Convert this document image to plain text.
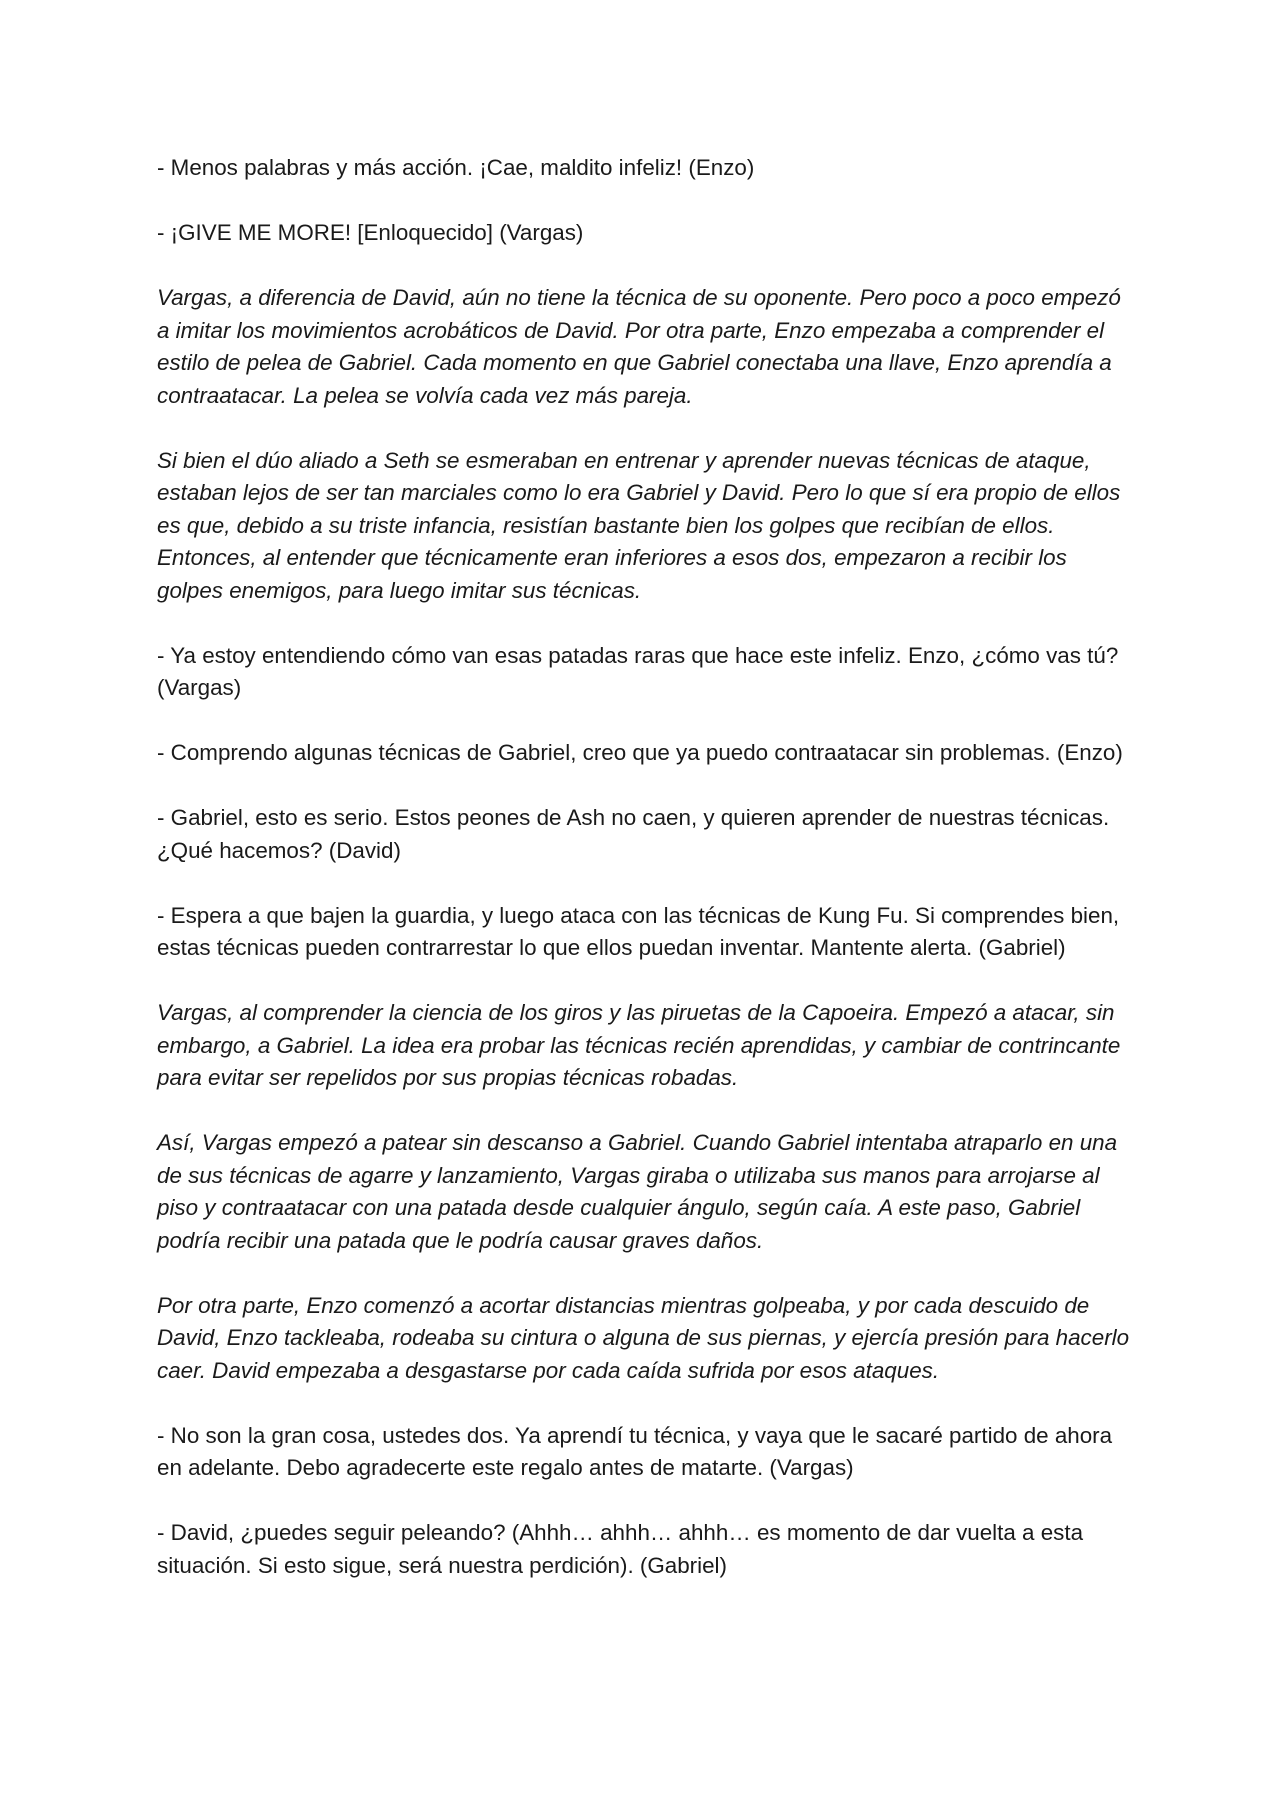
- Menos palabras y más acción. ¡Cae, maldito infeliz! (Enzo)

- ¡GIVE ME MORE! [Enloquecido] (Vargas)

Vargas, a diferencia de David, aún no tiene la técnica de su oponente. Pero poco a poco empezó a imitar los movimientos acrobáticos de David. Por otra parte, Enzo empezaba a comprender el estilo de pelea de Gabriel. Cada momento en que Gabriel conectaba una llave, Enzo aprendía a contraatacar. La pelea se volvía cada vez más pareja.

Si bien el dúo aliado a Seth se esmeraban en entrenar y aprender nuevas técnicas de ataque, estaban lejos de ser tan marciales como lo era Gabriel y David. Pero lo que sí era propio de ellos es que, debido a su triste infancia, resistían bastante bien los golpes que recibían de ellos. Entonces, al entender que técnicamente eran inferiores a esos dos, empezaron a recibir los golpes enemigos, para luego imitar sus técnicas.

- Ya estoy entendiendo cómo van esas patadas raras que hace este infeliz. Enzo, ¿cómo vas tú? (Vargas)

- Comprendo algunas técnicas de Gabriel, creo que ya puedo contraatacar sin problemas. (Enzo)

- Gabriel, esto es serio. Estos peones de Ash no caen, y quieren aprender de nuestras técnicas. ¿Qué hacemos? (David)

- Espera a que bajen la guardia, y luego ataca con las técnicas de Kung Fu. Si comprendes bien, estas técnicas pueden contrarrestar lo que ellos puedan inventar. Mantente alerta. (Gabriel)

Vargas, al comprender la ciencia de los giros y las piruetas de la Capoeira. Empezó a atacar, sin embargo, a Gabriel. La idea era probar las técnicas recién aprendidas, y cambiar de contrincante para evitar ser repelidos por sus propias técnicas robadas.

Así, Vargas empezó a patear sin descanso a Gabriel. Cuando Gabriel intentaba atraparlo en una de sus técnicas de agarre y lanzamiento, Vargas giraba o utilizaba sus manos para arrojarse al piso y contraatacar con una patada desde cualquier ángulo, según caía. A este paso, Gabriel podría recibir una patada que le podría causar graves daños.

Por otra parte, Enzo comenzó a acortar distancias mientras golpeaba, y por cada descuido de David, Enzo tackleaba, rodeaba su cintura o alguna de sus piernas, y ejercía presión para hacerlo caer. David empezaba a desgastarse por cada caída sufrida por esos ataques.

- No son la gran cosa, ustedes dos. Ya aprendí tu técnica, y vaya que le sacaré partido de ahora en adelante. Debo agradecerte este regalo antes de matarte. (Vargas)

- David, ¿puedes seguir peleando? (Ahhh… ahhh… ahhh… es momento de dar vuelta a esta situación. Si esto sigue, será nuestra perdición). (Gabriel)
